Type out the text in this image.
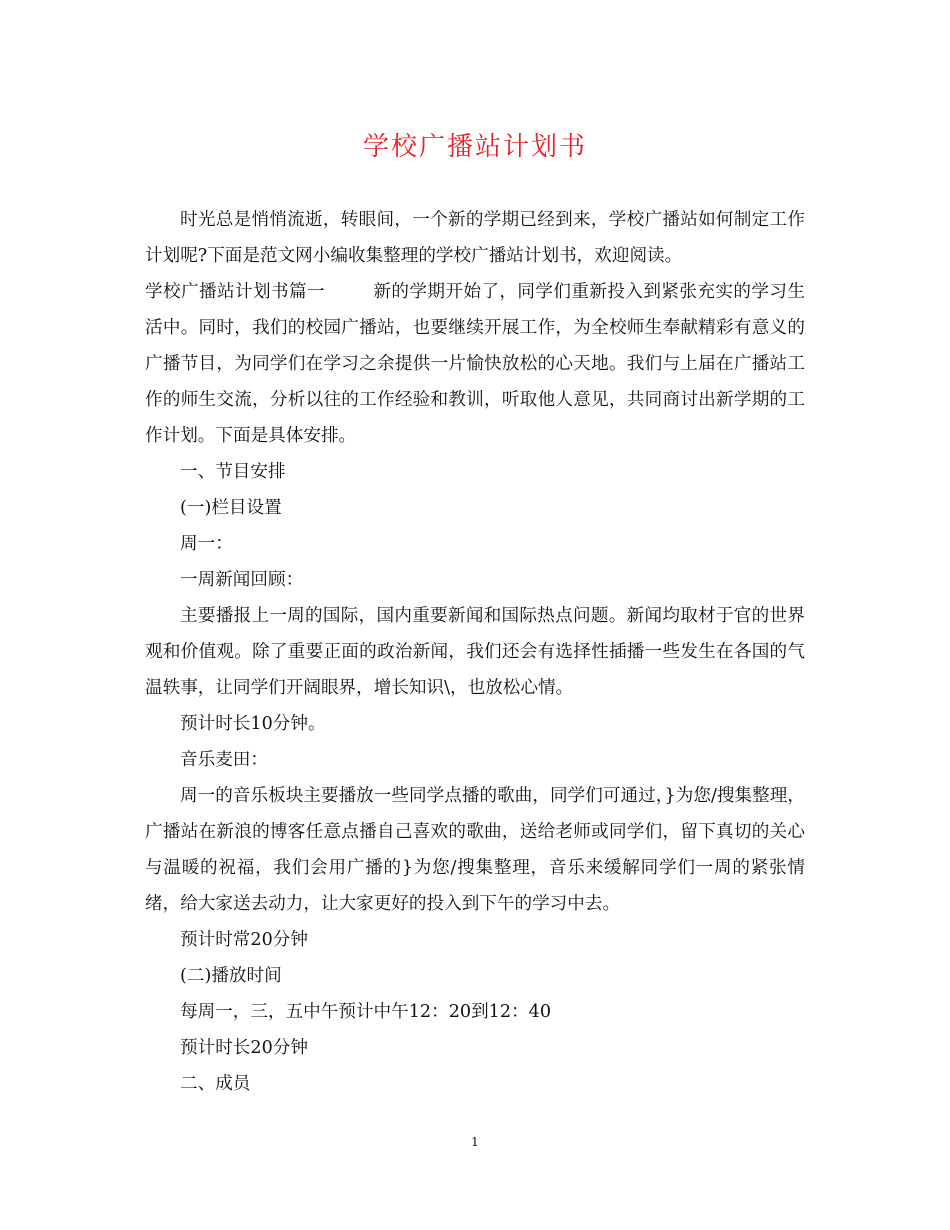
学校广播站计划书

时光总是悄悄流逝，转眼间，一个新的学期已经到来，学校广播站如何制定工作计划呢?下面是范文网小编收集整理的学校广播站计划书，欢迎阅读。

学校广播站计划书篇一	新的学期开始了，同学们重新投入到紧张充实的学习生活中。同时，我们的校园广播站，也要继续开展工作，为全校师生奉献精彩有意义的广播节目，为同学们在学习之余提供一片愉快放松的心天地。我们与上届在广播站工作的师生交流，分析以往的工作经验和教训，听取他人意见，共同商讨出新学期的工作计划。下面是具体安排。

一、节目安排

(一)栏目设置

周一：

一周新闻回顾：

主要播报上一周的国际，国内重要新闻和国际热点问题。新闻均取材于官的世界观和价值观。除了重要正面的政治新闻，我们还会有选择性插播一些发生在各国的气温轶事，让同学们开阔眼界，增长知识\，也放松心情。

预计时长10分钟。

音乐麦田：

周一的音乐板块主要播放一些同学点播的歌曲，同学们可通过，}为您/搜集整理，广播站在新浪的博客任意点播自己喜欢的歌曲，送给老师或同学们，留下真切的关心与温暖的祝福，我们会用广播的}为您/搜集整理，音乐来缓解同学们一周的紧张情绪，给大家送去动力，让大家更好的投入到下午的学习中去。

预计时常20分钟

(二)播放时间

每周一，三，五中午预计中午12：20到12：40

预计时长20分钟

二、成员

1
